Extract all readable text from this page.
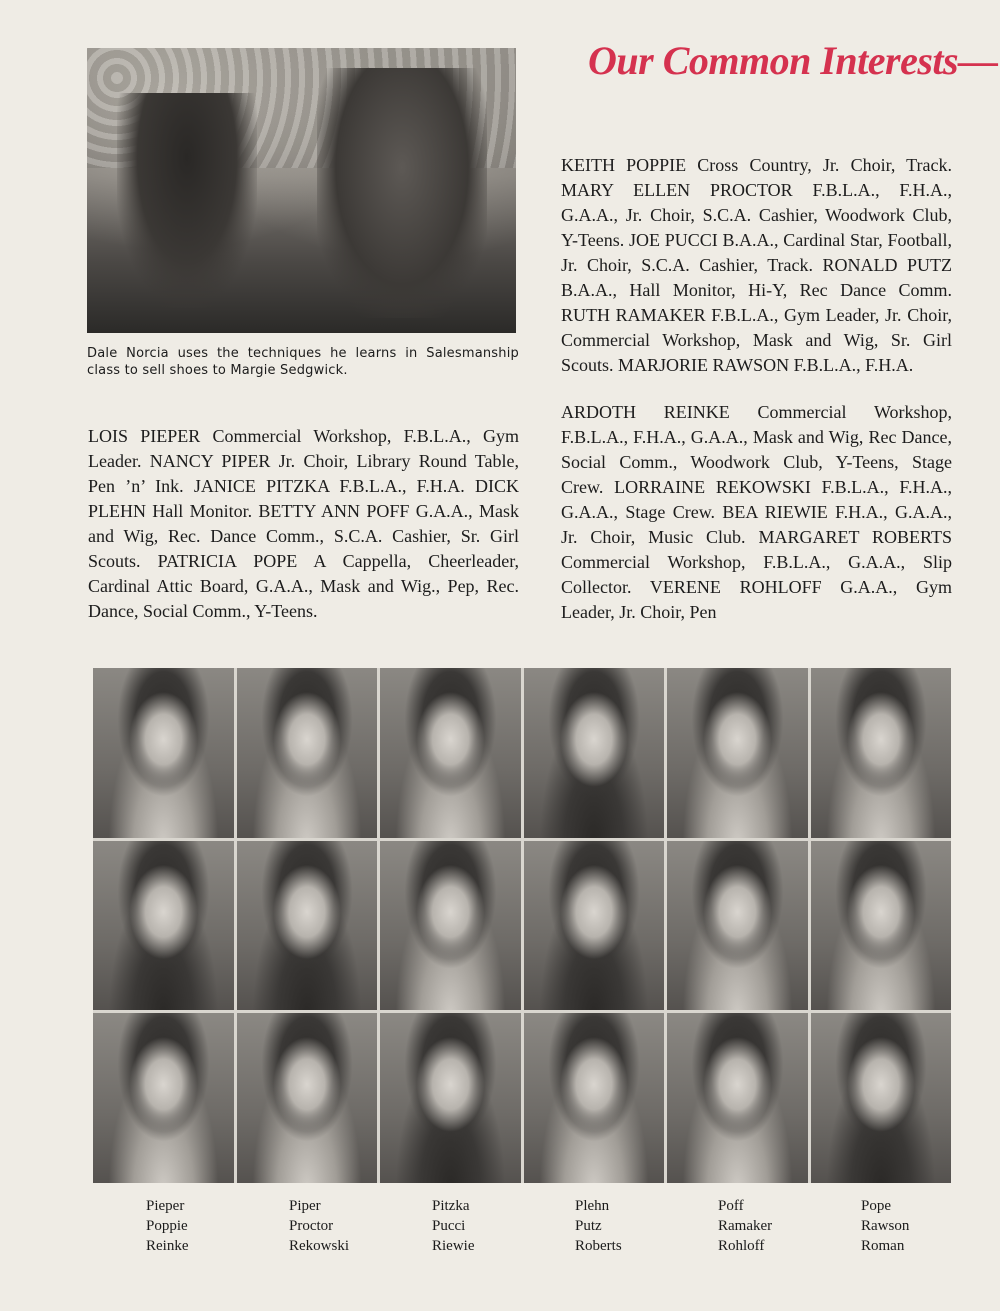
Dale Norcia uses the techniques he learns in Salesmanship class to sell shoes to Margie Sedgwick.
Our Common Interests—

KEITH POPPIE Cross Country, Jr. Choir, Track. MARY ELLEN PROCTOR F.B.L.A., F.H.A., G.A.A., Jr. Choir, S.C.A. Cashier, Woodwork Club, Y-Teens. JOE PUCCI B.A.A., Cardinal Star, Football, Jr. Choir, S.C.A. Cashier, Track. RONALD PUTZ B.A.A., Hall Monitor, Hi-Y, Rec Dance Comm. RUTH RAMAKER F.B.L.A., Gym Leader, Jr. Choir, Commercial Workshop, Mask and Wig, Sr. Girl Scouts. MARJORIE RAWSON F.B.L.A., F.H.A.

ARDOTH REINKE Commercial Workshop, F.B.L.A., F.H.A., G.A.A., Mask and Wig, Rec Dance, Social Comm., Woodwork Club, Y-Teens, Stage Crew. LORRAINE REKOWSKI F.B.L.A., F.H.A., G.A.A., Stage Crew. BEA RIEWIE F.H.A., G.A.A., Jr. Choir, Music Club. MARGARET ROBERTS Commercial Workshop, F.B.L.A., G.A.A., Slip Collector. VERENE ROHLOFF G.A.A., Gym Leader, Jr. Choir, Pen

LOIS PIEPER Commercial Workshop, F.B.L.A., Gym Leader. NANCY PIPER Jr. Choir, Library Round Table, Pen ’n’ Ink. JANICE PITZKA F.B.L.A., F.H.A. DICK PLEHN Hall Monitor. BETTY ANN POFF G.A.A., Mask and Wig, Rec. Dance Comm., S.C.A. Cashier, Sr. Girl Scouts. PATRICIA POPE A Cappella, Cheerleader, Cardinal Attic Board, G.A.A., Mask and Wig., Pep, Rec. Dance, Social Comm., Y-Teens.

Pieper
Poppie
Reinke
Piper
Proctor
Rekowski
Pitzka
Pucci
Riewie
Plehn
Putz
Roberts
Poff
Ramaker
Rohloff
Pope
Rawson
Roman
